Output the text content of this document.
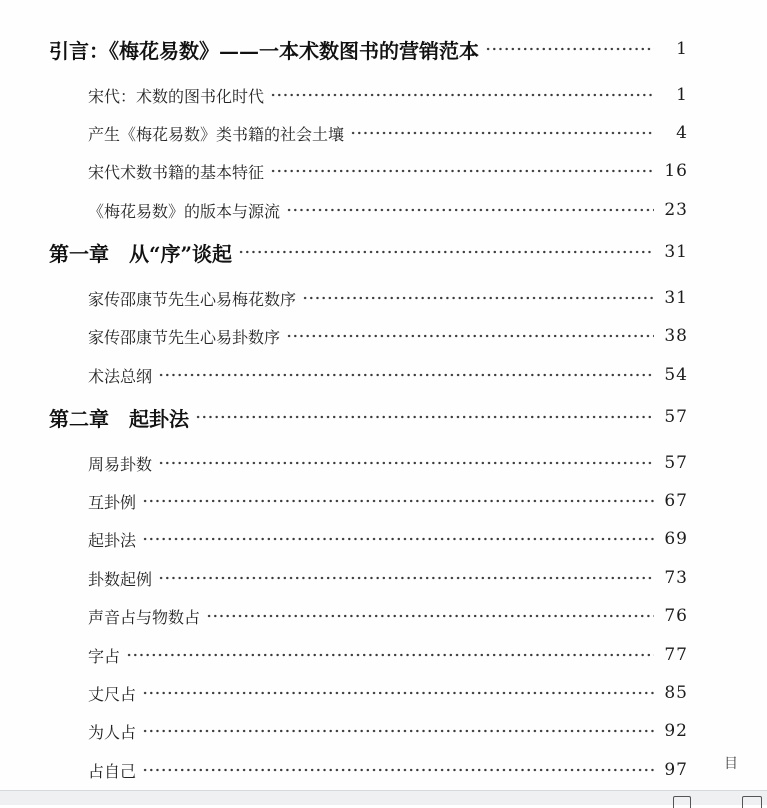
引言：《梅花易数》——一本术数图书的营销范本	1
宋代：术数的图书化时代	1
产生《梅花易数》类书籍的社会土壤	4
宋代术数书籍的基本特征	16
《梅花易数》的版本与源流	23
第一章　从“序”谈起	31
家传邵康节先生心易梅花数序	31
家传邵康节先生心易卦数序	38
术法总纲	54
第二章　起卦法	57
周易卦数	57
互卦例	67
起卦法	69
卦数起例	73
声音占与物数占	76
字占	77
丈尺占	85
为人占	92
占自己	97	目
